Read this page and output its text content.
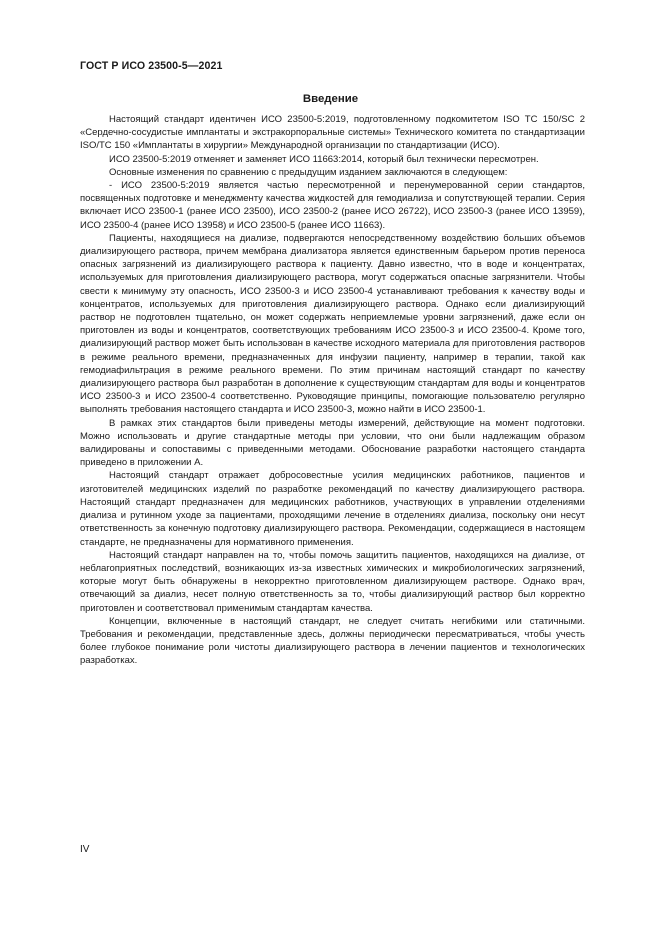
ГОСТ Р ИСО 23500-5—2021
Введение

Настоящий стандарт идентичен ИСО 23500-5:2019, подготовленному подкомитетом ISO TC 150/SC 2 «Сердечно-сосудистые имплантаты и экстракорпоральные системы» Технического комитета по стандартизации ISO/TC 150 «Имплантаты в хирургии» Международной организации по стандартизации (ИСО).

ИСО 23500-5:2019 отменяет и заменяет ИСО 11663:2014, который был технически пересмотрен.

Основные изменения по сравнению с предыдущим изданием заключаются в следующем:

- ИСО 23500-5:2019 является частью пересмотренной и перенумерованной серии стандартов, посвященных подготовке и менеджменту качества жидкостей для гемодиализа и сопутствующей терапии. Серия включает ИСО 23500-1 (ранее ИСО 23500), ИСО 23500-2 (ранее ИСО 26722), ИСО 23500-3 (ранее ИСО 13959), ИСО 23500-4 (ранее ИСО 13958) и ИСО 23500-5 (ранее ИСО 11663).

Пациенты, находящиеся на диализе, подвергаются непосредственному воздействию больших объемов диализирующего раствора, причем мембрана диализатора является единственным барьером против переноса опасных загрязнений из диализирующего раствора к пациенту. Давно известно, что в воде и концентратах, используемых для приготовления диализирующего раствора, могут содержаться опасные загрязнители. Чтобы свести к минимуму эту опасность, ИСО 23500-3 и ИСО 23500-4 устанавливают требования к качеству воды и концентратов, используемых для приготовления диализирующего раствора. Однако если диализирующий раствор не подготовлен тщательно, он может содержать неприемлемые уровни загрязнений, даже если он приготовлен из воды и концентратов, соответствующих требованиям ИСО 23500-3 и ИСО 23500-4. Кроме того, диализирующий раствор может быть использован в качестве исходного материала для приготовления растворов в режиме реального времени, предназначенных для инфузии пациенту, например в терапии, такой как гемодиафильтрация в режиме реального времени. По этим причинам настоящий стандарт по качеству диализирующего раствора был разработан в дополнение к существующим стандартам для воды и концентратов ИСО 23500-3 и ИСО 23500-4 соответственно. Руководящие принципы, помогающие пользователю регулярно выполнять требования настоящего стандарта и ИСО 23500-3, можно найти в ИСО 23500-1.

В рамках этих стандартов были приведены методы измерений, действующие на момент подготовки. Можно использовать и другие стандартные методы при условии, что они были надлежащим образом валидированы и сопоставимы с приведенными методами. Обоснование разработки настоящего стандарта приведено в приложении А.

Настоящий стандарт отражает добросовестные усилия медицинских работников, пациентов и изготовителей медицинских изделий по разработке рекомендаций по качеству диализирующего раствора. Настоящий стандарт предназначен для медицинских работников, участвующих в управлении отделениями диализа и рутинном уходе за пациентами, проходящими лечение в отделениях диализа, поскольку они несут ответственность за конечную подготовку диализирующего раствора. Рекомендации, содержащиеся в настоящем стандарте, не предназначены для нормативного применения.

Настоящий стандарт направлен на то, чтобы помочь защитить пациентов, находящихся на диализе, от неблагоприятных последствий, возникающих из-за известных химических и микробиологических загрязнений, которые могут быть обнаружены в некорректно приготовленном диализирующем растворе. Однако врач, отвечающий за диализ, несет полную ответственность за то, чтобы диализирующий раствор был корректно приготовлен и соответствовал применимым стандартам качества.

Концепции, включенные в настоящий стандарт, не следует считать негибкими или статичными. Требования и рекомендации, представленные здесь, должны периодически пересматриваться, чтобы учесть более глубокое понимание роли чистоты диализирующего раствора в лечении пациентов и технологических разработках.

IV
